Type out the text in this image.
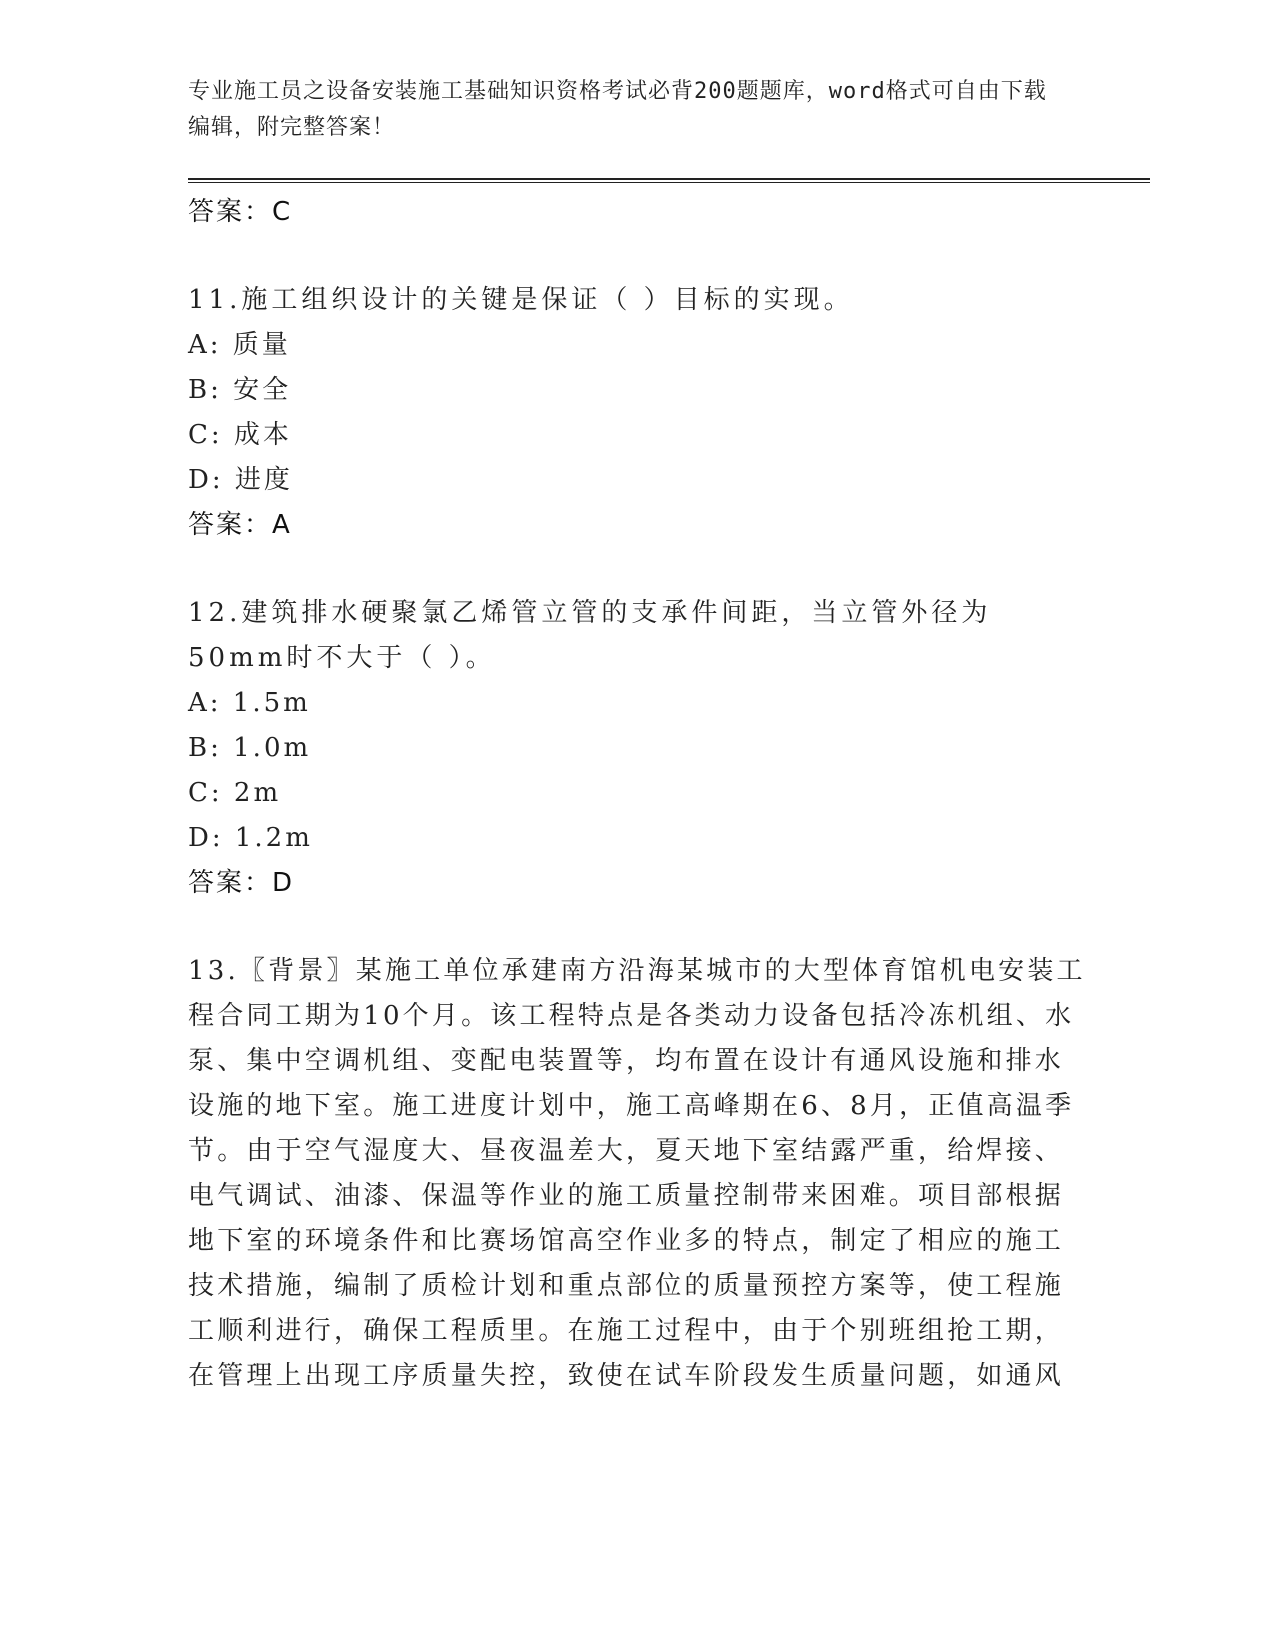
专业施工员之设备安装施工基础知识资格考试必背200题题库，word格式可自由下载编辑，附完整答案！
答案：C

11.施工组织设计的关键是保证（ ）目标的实现。

A: 质量
B: 安全
C: 成本
D: 进度
答案：A

12.建筑排水硬聚氯乙烯管立管的支承件间距，当立管外径为50mm时不大于（ ）。

A: 1.5m
B: 1.0m
C: 2m
D: 1.2m
答案：D

13.〖背景〗某施工单位承建南方沿海某城市的大型体育馆机电安装工程合同工期为10个月。该工程特点是各类动力设备包括冷冻机组、水泵、集中空调机组、变配电装置等，均布置在设计有通风设施和排水设施的地下室。施工进度计划中，施工高峰期在6、8月，正值高温季节。由于空气湿度大、昼夜温差大，夏天地下室结露严重，给焊接、电气调试、油漆、保温等作业的施工质量控制带来困难。项目部根据地下室的环境条件和比赛场馆高空作业多的特点，制定了相应的施工技术措施，编制了质检计划和重点部位的质量预控方案等，使工程施工顺利进行，确保工程质里。在施工过程中，由于个别班组抢工期，在管理上出现工序质量失控，致使在试车阶段发生质量问题，如通风
